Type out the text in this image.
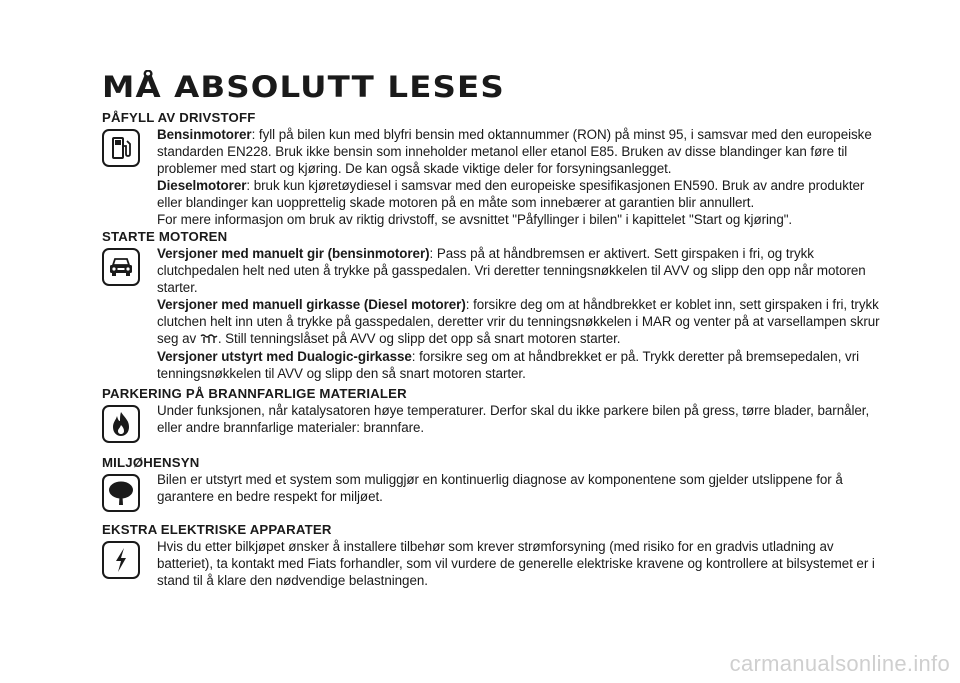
MÅ ABSOLUTT LESES
PÅFYLL AV DRIVSTOFF

Bensinmotorer: fyll på bilen kun med blyfri bensin med oktannummer (RON) på minst 95, i samsvar med den europeiske standarden EN228. Bruk ikke bensin som inneholder metanol eller etanol E85. Bruken av disse blandinger kan føre til problemer med start og kjøring. De kan også skade viktige deler for forsyningsanlegget.

Dieselmotorer: bruk kun kjøretøydiesel i samsvar med den europeiske spesifikasjonen EN590. Bruk av andre produkter eller blandinger kan uopprettelig skade motoren på en måte som innebærer at garantien blir annullert.

For mere informasjon om bruk av riktig drivstoff, se avsnittet "Påfyllinger i bilen" i kapittelet "Start og kjøring".

STARTE MOTOREN

Versjoner med manuelt gir (bensinmotorer): Pass på at håndbremsen er aktivert. Sett girspaken i fri, og trykk clutchpedalen helt ned uten å trykke på gasspedalen. Vri deretter tenningsnøkkelen til AVV og slipp den opp når motoren starter.

Versjoner med manuell girkasse (Diesel motorer): forsikre deg om at håndbrekket er koblet inn, sett girspaken i fri, trykk clutchen helt inn uten å trykke på gasspedalen, deretter vrir du tenningsnøkkelen i MAR og venter på at varsellampen skrur seg av . Still tenningslåset på AVV og slipp det opp så snart motoren starter.

Versjoner utstyrt med Dualogic-girkasse: forsikre seg om at håndbrekket er på. Trykk deretter på bremsepedalen, vri tenningsnøkkelen til AVV og slipp den så snart motoren starter.

PARKERING PÅ BRANNFARLIGE MATERIALER

Under funksjonen, når katalysatoren høye temperaturer. Derfor skal du ikke parkere bilen på gress, tørre blader, barnåler, eller andre brannfarlige materialer: brannfare.

MILJØHENSYN

Bilen er utstyrt med et system som muliggjør en kontinuerlig diagnose av komponentene som gjelder utslippene for å garantere en bedre respekt for miljøet.

EKSTRA ELEKTRISKE APPARATER

Hvis du etter bilkjøpet ønsker å installere tilbehør som krever strømforsyning (med risiko for en gradvis utladning av batteriet), ta kontakt med Fiats forhandler, som vil vurdere de generelle elektriske kravene og kontrollere at bilsystemet er i stand til å klare den nødvendige belastningen.

carmanualsonline.info
